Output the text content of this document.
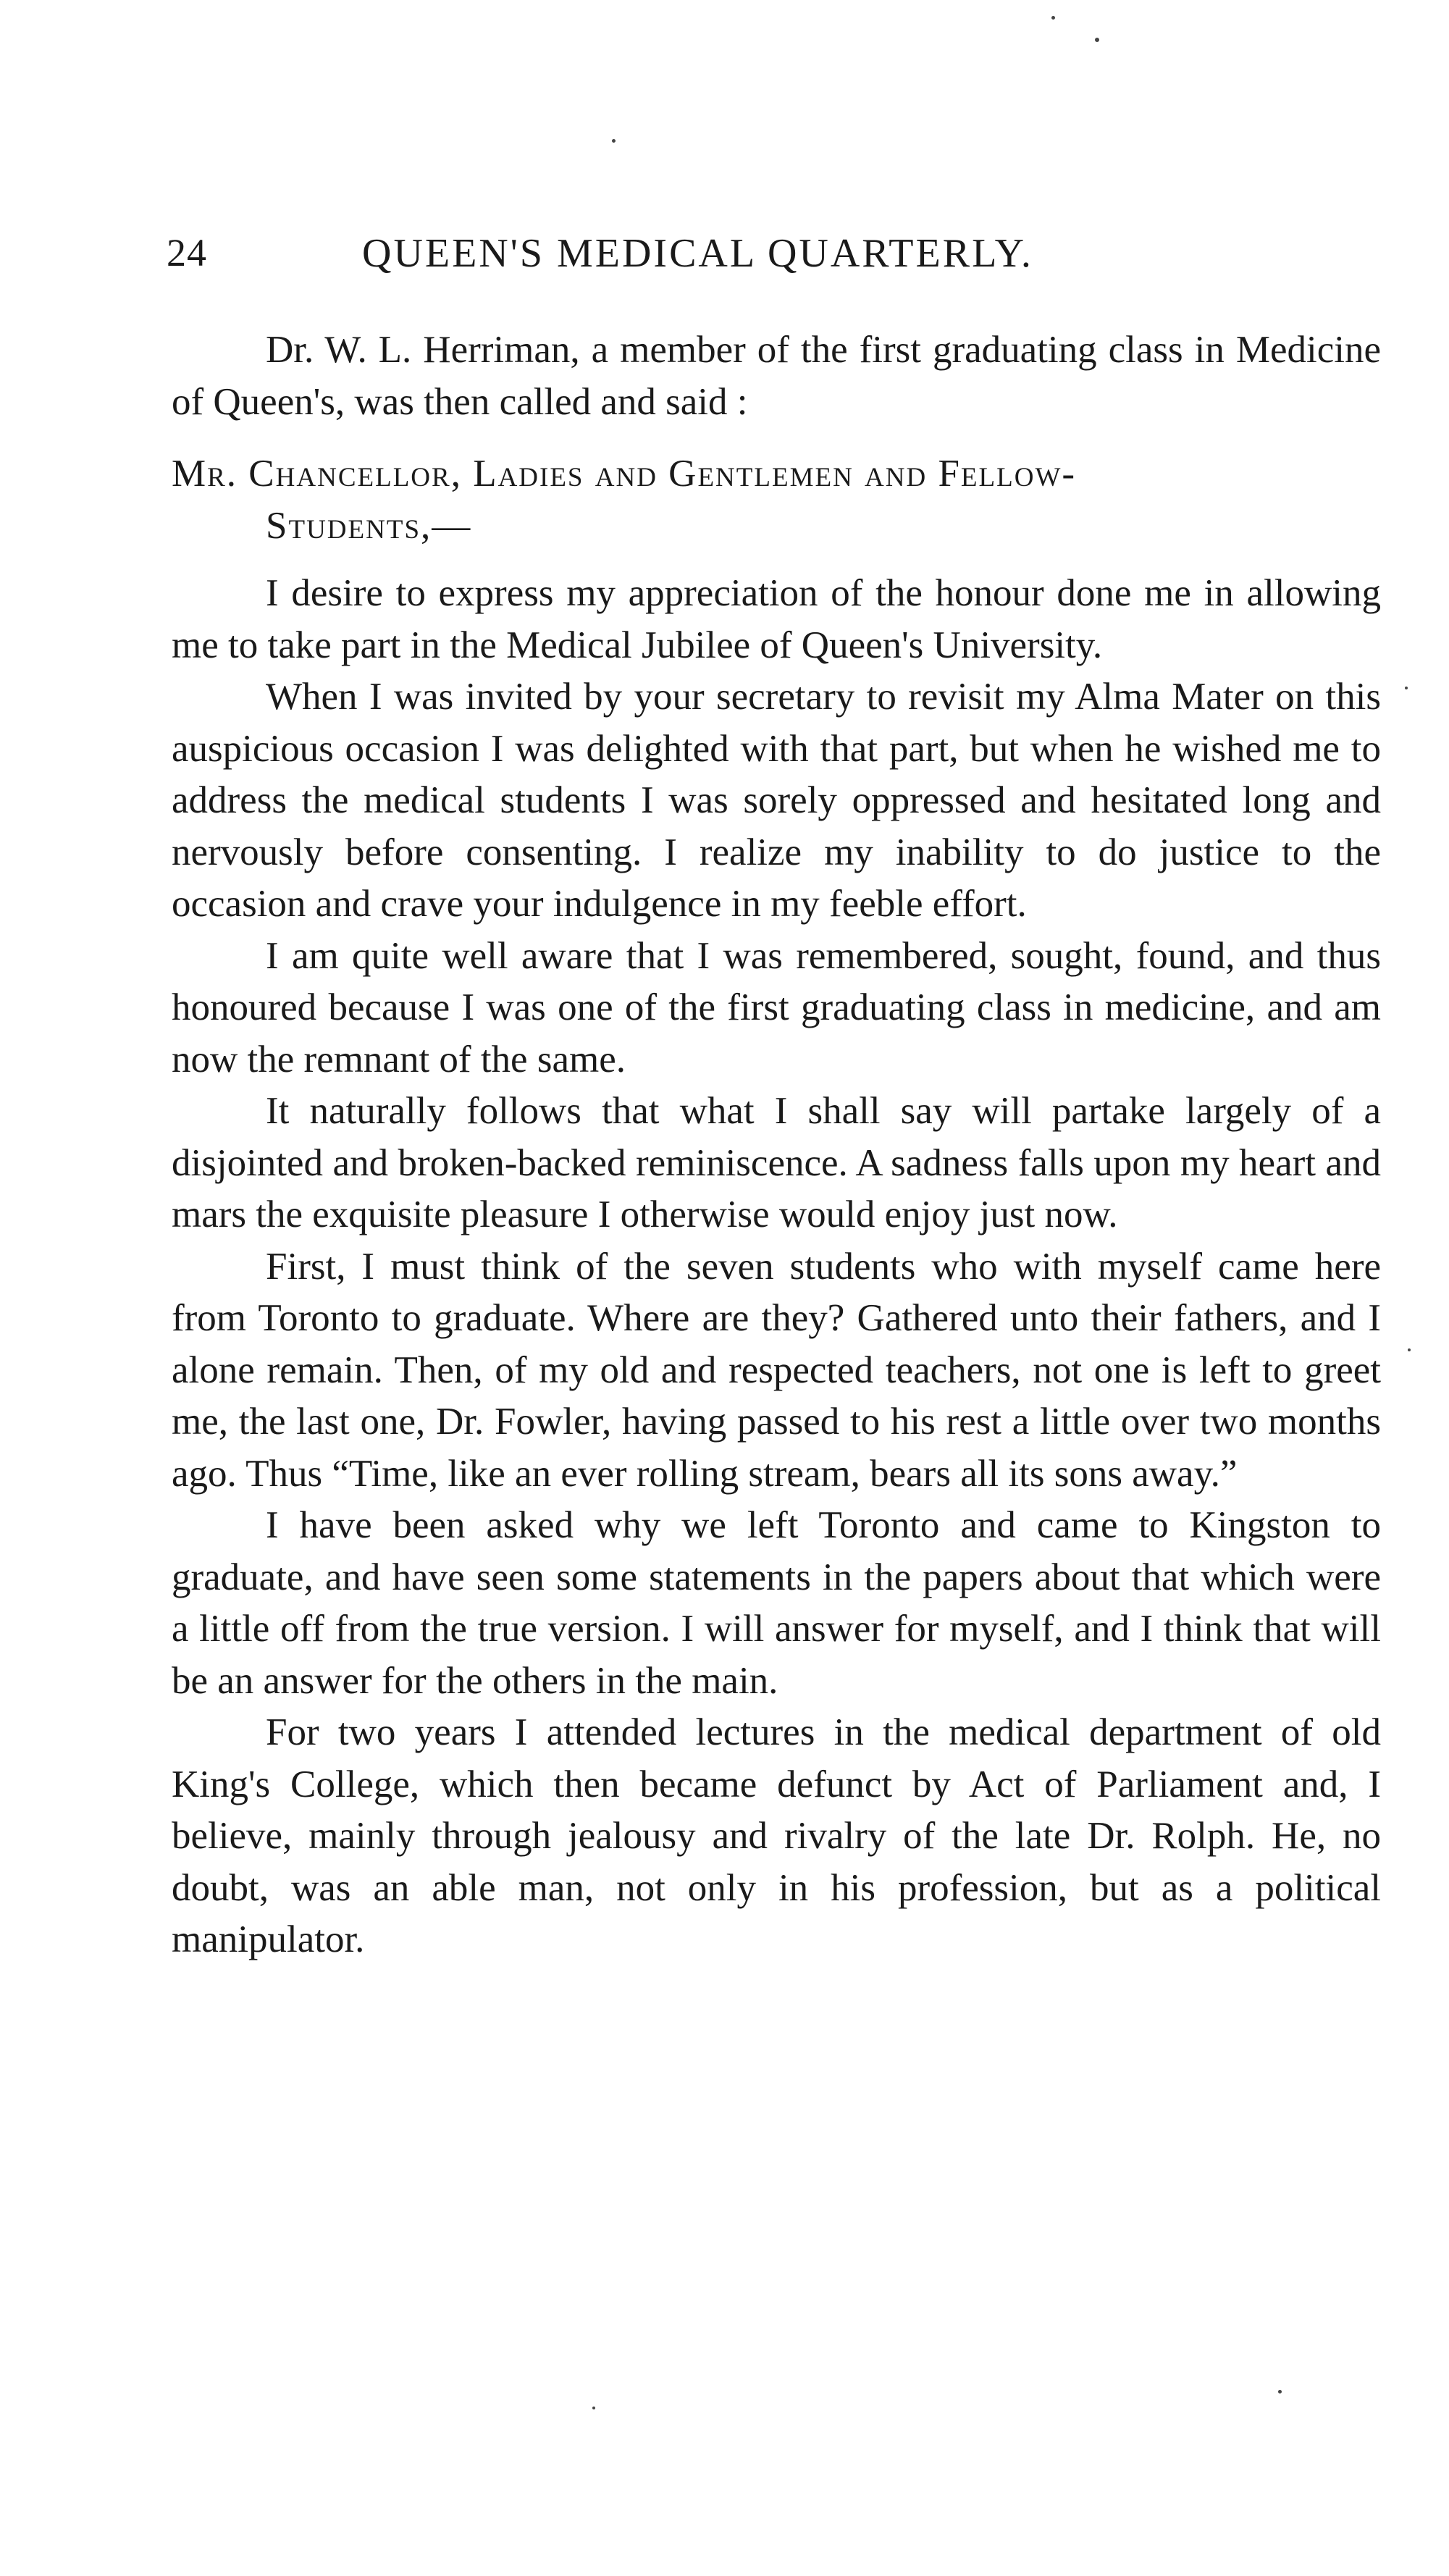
24	QUEEN'S MEDICAL QUARTERLY.

Dr. W. L. Herriman, a member of the first graduating class in Medicine of Queen's, was then called and said :

Mr. Chancellor, Ladies and Gentlemen and Fellow-
Students,—

I desire to express my appreciation of the honour done me in allowing me to take part in the Medical Jubilee of Queen's University.

When I was invited by your secretary to revisit my Alma Mater on this auspicious occasion I was delighted with that part, but when he wished me to address the medical students I was sorely oppressed and hesitated long and nervously before consenting. I realize my inability to do justice to the occasion and crave your indulgence in my feeble effort.

I am quite well aware that I was remembered, sought, found, and thus honoured because I was one of the first graduating class in medicine, and am now the remnant of the same.

It naturally follows that what I shall say will partake largely of a disjointed and broken-backed reminiscence. A sadness falls upon my heart and mars the exquisite pleasure I otherwise would enjoy just now.

First, I must think of the seven students who with myself came here from Toronto to graduate. Where are they? Gathered unto their fathers, and I alone remain. Then, of my old and respected teachers, not one is left to greet me, the last one, Dr. Fowler, having passed to his rest a little over two months ago. Thus “Time, like an ever rolling stream, bears all its sons away.”

I have been asked why we left Toronto and came to Kingston to graduate, and have seen some statements in the papers about that which were a little off from the true version. I will answer for myself, and I think that will be an answer for the others in the main.

For two years I attended lectures in the medical department of old King's College, which then became defunct by Act of Parliament and, I believe, mainly through jealousy and rivalry of the late Dr. Rolph. He, no doubt, was an able man, not only in his profession, but as a political manipulator.
